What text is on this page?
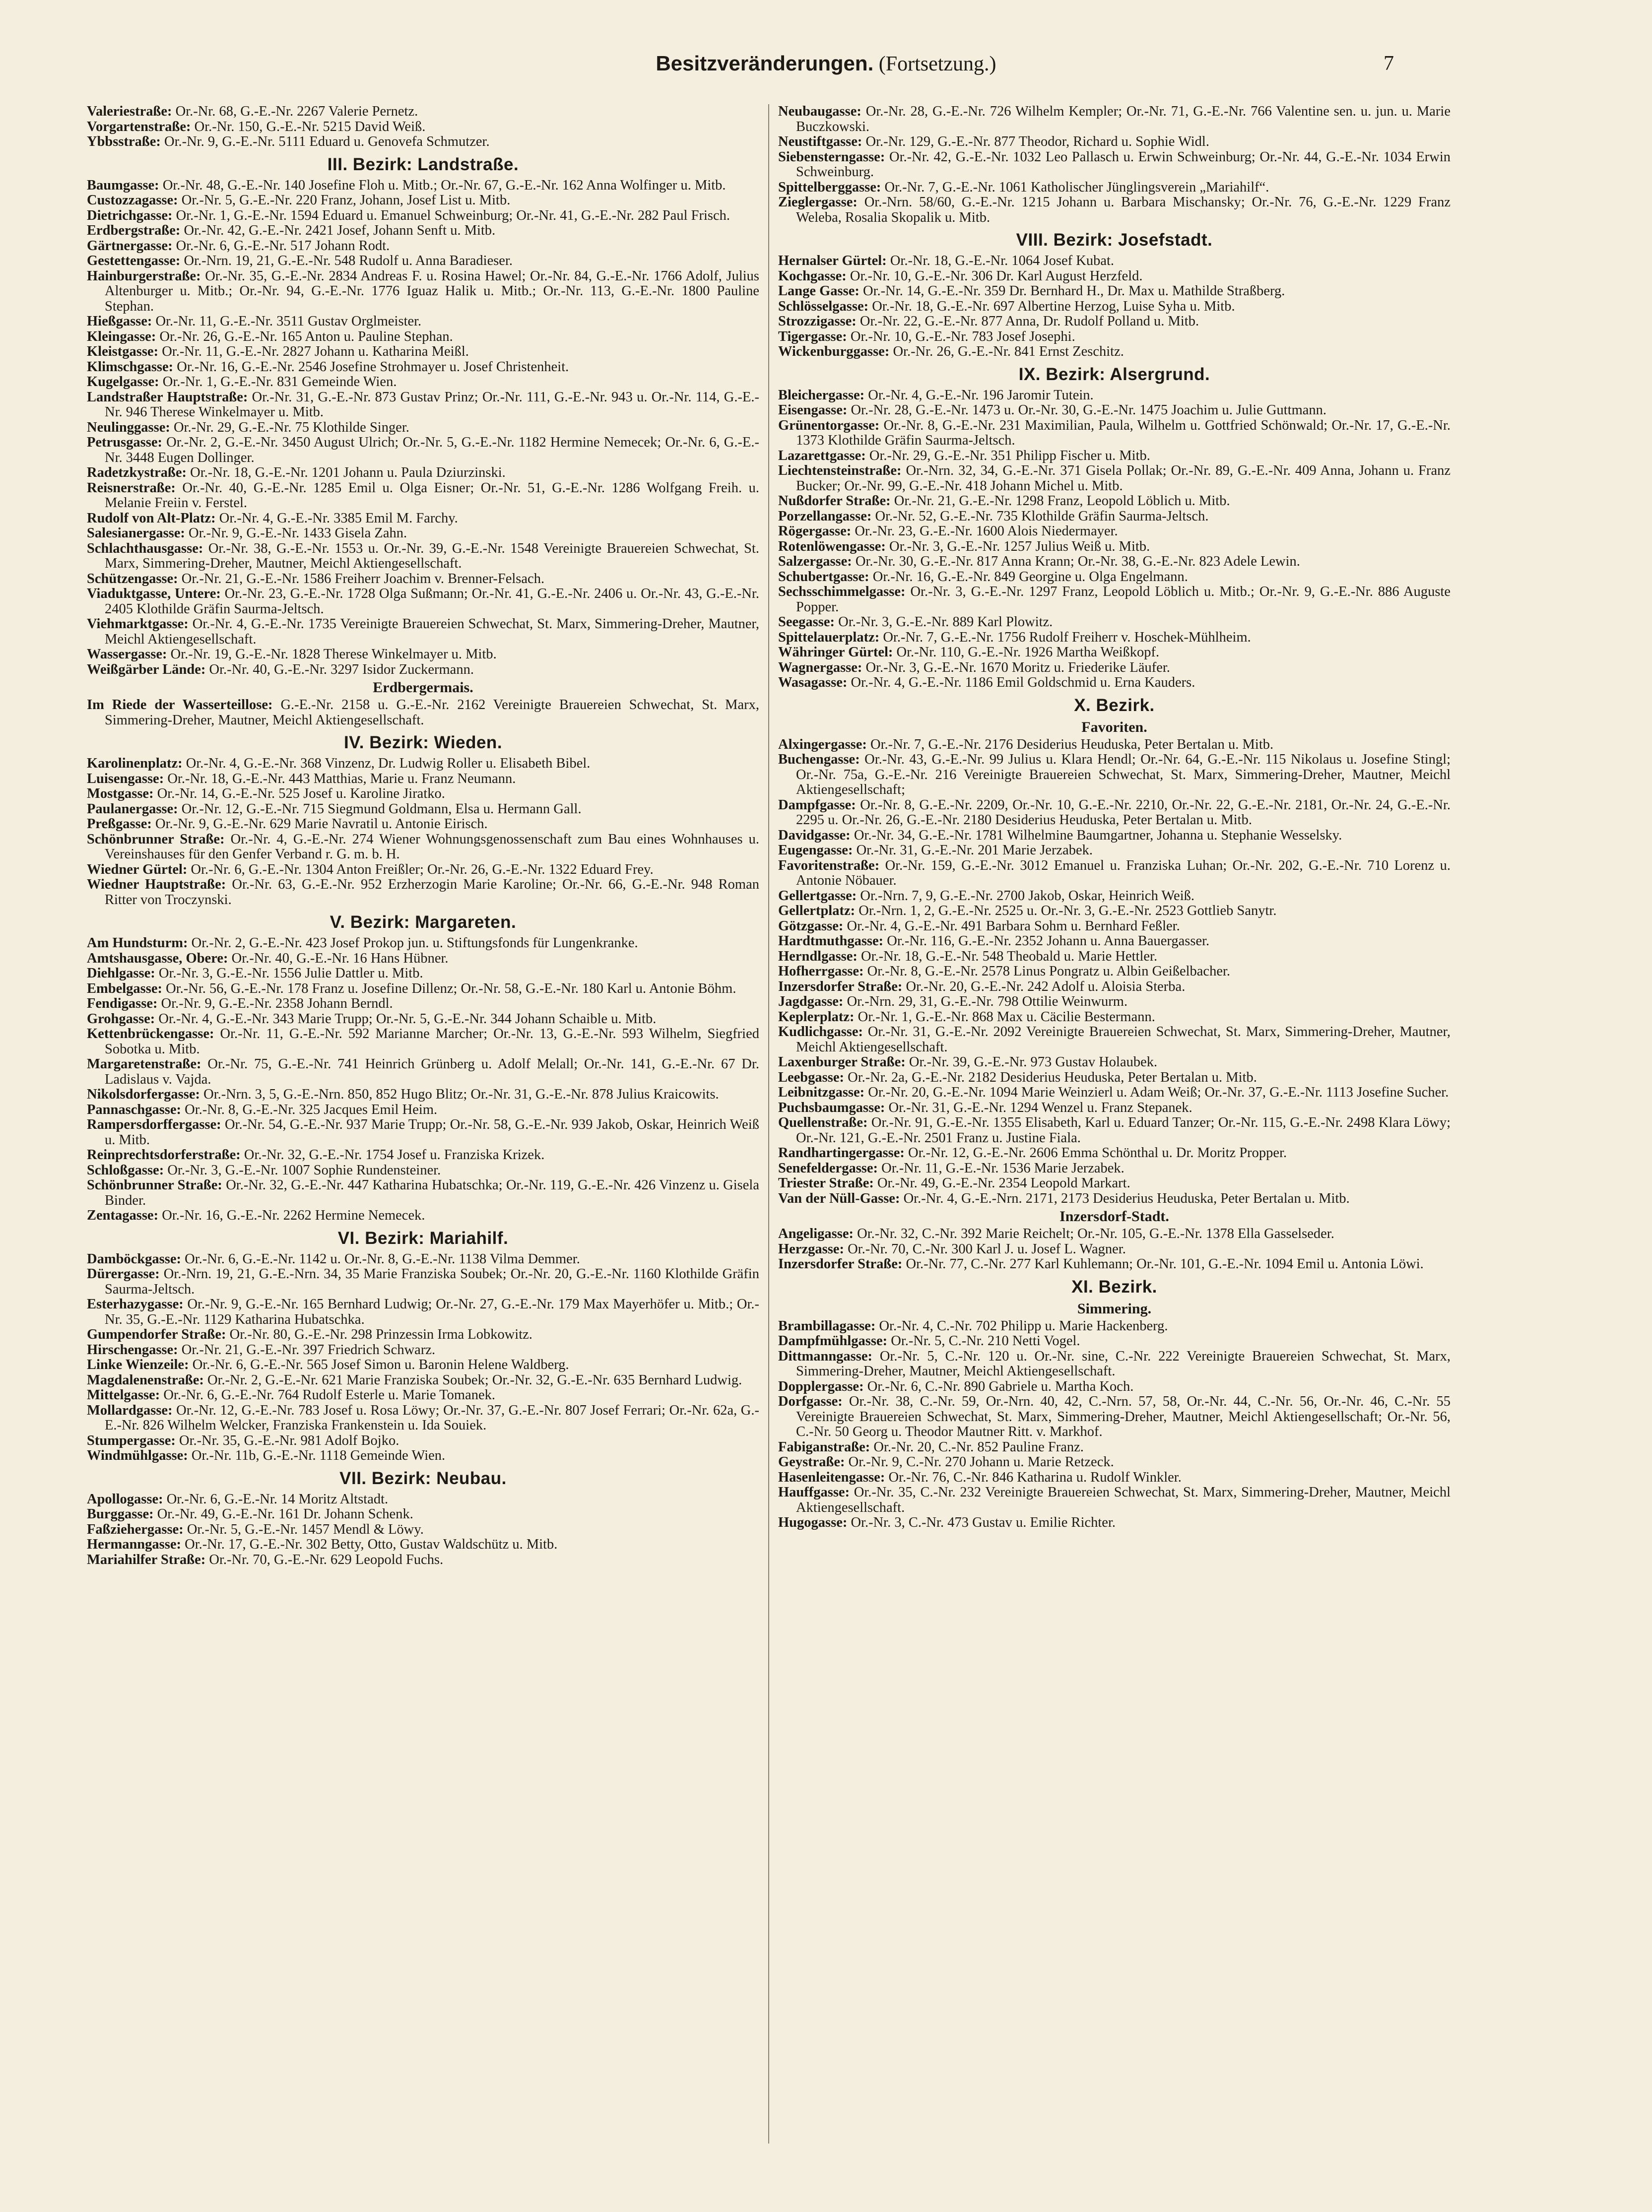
Besitzveränderungen. (Fortsetzung.)	7

Valeriestraße: Or.-Nr. 68, G.-E.-Nr. 2267 Valerie Pernetz.

Vorgartenstraße: Or.-Nr. 150, G.-E.-Nr. 5215 David Weiß.

Ybbsstraße: Or.-Nr. 9, G.-E.-Nr. 5111 Eduard u. Genovefa Schmutzer.

III. Bezirk: Landstraße.

Baumgasse: Or.-Nr. 48, G.-E.-Nr. 140 Josefine Floh u. Mitb.; Or.-Nr. 67, G.-E.-Nr. 162 Anna Wolfinger u. Mitb.

Custozzagasse: Or.-Nr. 5, G.-E.-Nr. 220 Franz, Johann, Josef List u. Mitb.

Dietrichgasse: Or.-Nr. 1, G.-E.-Nr. 1594 Eduard u. Emanuel Schweinburg; Or.-Nr. 41, G.-E.-Nr. 282 Paul Frisch.

Erdbergstraße: Or.-Nr. 42, G.-E.-Nr. 2421 Josef, Johann Senft u. Mitb.

Gärtnergasse: Or.-Nr. 6, G.-E.-Nr. 517 Johann Rodt.

Gestettengasse: Or.-Nrn. 19, 21, G.-E.-Nr. 548 Rudolf u. Anna Baradieser.

Hainburgerstraße: Or.-Nr. 35, G.-E.-Nr. 2834 Andreas F. u. Rosina Hawel; Or.-Nr. 84, G.-E.-Nr. 1766 Adolf, Julius Altenburger u. Mitb.; Or.-Nr. 94, G.-E.-Nr. 1776 Iguaz Halik u. Mitb.; Or.-Nr. 113, G.-E.-Nr. 1800 Pauline Stephan.

Hießgasse: Or.-Nr. 11, G.-E.-Nr. 3511 Gustav Orglmeister.

Kleingasse: Or.-Nr. 26, G.-E.-Nr. 165 Anton u. Pauline Stephan.

Kleistgasse: Or.-Nr. 11, G.-E.-Nr. 2827 Johann u. Katharina Meißl.

Klimschgasse: Or.-Nr. 16, G.-E.-Nr. 2546 Josefine Strohmayer u. Josef Christenheit.

Kugelgasse: Or.-Nr. 1, G.-E.-Nr. 831 Gemeinde Wien.

Landstraßer Hauptstraße: Or.-Nr. 31, G.-E.-Nr. 873 Gustav Prinz; Or.-Nr. 111, G.-E.-Nr. 943 u. Or.-Nr. 114, G.-E.-Nr. 946 Therese Winkelmayer u. Mitb.

Neulinggasse: Or.-Nr. 29, G.-E.-Nr. 75 Klothilde Singer.

Petrusgasse: Or.-Nr. 2, G.-E.-Nr. 3450 August Ulrich; Or.-Nr. 5, G.-E.-Nr. 1182 Hermine Nemecek; Or.-Nr. 6, G.-E.-Nr. 3448 Eugen Dollinger.

Radetzkystraße: Or.-Nr. 18, G.-E.-Nr. 1201 Johann u. Paula Dziurzinski.

Reisnerstraße: Or.-Nr. 40, G.-E.-Nr. 1285 Emil u. Olga Eisner; Or.-Nr. 51, G.-E.-Nr. 1286 Wolfgang Freih. u. Melanie Freiin v. Ferstel.

Rudolf von Alt-Platz: Or.-Nr. 4, G.-E.-Nr. 3385 Emil M. Farchy.

Salesianergasse: Or.-Nr. 9, G.-E.-Nr. 1433 Gisela Zahn.

Schlachthausgasse: Or.-Nr. 38, G.-E.-Nr. 1553 u. Or.-Nr. 39, G.-E.-Nr. 1548 Vereinigte Brauereien Schwechat, St. Marx, Simmering-Dreher, Mautner, Meichl Aktiengesellschaft.

Schützengasse: Or.-Nr. 21, G.-E.-Nr. 1586 Freiherr Joachim v. Brenner-Felsach.

Viaduktgasse, Untere: Or.-Nr. 23, G.-E.-Nr. 1728 Olga Sußmann; Or.-Nr. 41, G.-E.-Nr. 2406 u. Or.-Nr. 43, G.-E.-Nr. 2405 Klothilde Gräfin Saurma-Jeltsch.

Viehmarktgasse: Or.-Nr. 4, G.-E.-Nr. 1735 Vereinigte Brauereien Schwechat, St. Marx, Simmering-Dreher, Mautner, Meichl Aktiengesellschaft.

Wassergasse: Or.-Nr. 19, G.-E.-Nr. 1828 Therese Winkelmayer u. Mitb.

Weißgärber Lände: Or.-Nr. 40, G.-E.-Nr. 3297 Isidor Zuckermann.

Erdbergermais.

Im Riede der Wasserteillose: G.-E.-Nr. 2158 u. G.-E.-Nr. 2162 Vereinigte Brauereien Schwechat, St. Marx, Simmering-Dreher, Mautner, Meichl Aktiengesellschaft.

IV. Bezirk: Wieden.

Karolinenplatz: Or.-Nr. 4, G.-E.-Nr. 368 Vinzenz, Dr. Ludwig Roller u. Elisabeth Bibel.

Luisengasse: Or.-Nr. 18, G.-E.-Nr. 443 Matthias, Marie u. Franz Neumann.

Mostgasse: Or.-Nr. 14, G.-E.-Nr. 525 Josef u. Karoline Jiratko.

Paulanergasse: Or.-Nr. 12, G.-E.-Nr. 715 Siegmund Goldmann, Elsa u. Hermann Gall.

Preßgasse: Or.-Nr. 9, G.-E.-Nr. 629 Marie Navratil u. Antonie Eirisch.

Schönbrunner Straße: Or.-Nr. 4, G.-E.-Nr. 274 Wiener Wohnungsgenossenschaft zum Bau eines Wohnhauses u. Vereinshauses für den Genfer Verband r. G. m. b. H.

Wiedner Gürtel: Or.-Nr. 6, G.-E.-Nr. 1304 Anton Freißler; Or.-Nr. 26, G.-E.-Nr. 1322 Eduard Frey.

Wiedner Hauptstraße: Or.-Nr. 63, G.-E.-Nr. 952 Erzherzogin Marie Karoline; Or.-Nr. 66, G.-E.-Nr. 948 Roman Ritter von Troczynski.

V. Bezirk: Margareten.

Am Hundsturm: Or.-Nr. 2, G.-E.-Nr. 423 Josef Prokop jun. u. Stiftungsfonds für Lungenkranke.

Amtshausgasse, Obere: Or.-Nr. 40, G.-E.-Nr. 16 Hans Hübner.

Diehlgasse: Or.-Nr. 3, G.-E.-Nr. 1556 Julie Dattler u. Mitb.

Embelgasse: Or.-Nr. 56, G.-E.-Nr. 178 Franz u. Josefine Dillenz; Or.-Nr. 58, G.-E.-Nr. 180 Karl u. Antonie Böhm.

Fendigasse: Or.-Nr. 9, G.-E.-Nr. 2358 Johann Berndl.

Grohgasse: Or.-Nr. 4, G.-E.-Nr. 343 Marie Trupp; Or.-Nr. 5, G.-E.-Nr. 344 Johann Schaible u. Mitb.

Kettenbrückengasse: Or.-Nr. 11, G.-E.-Nr. 592 Marianne Marcher; Or.-Nr. 13, G.-E.-Nr. 593 Wilhelm, Siegfried Sobotka u. Mitb.

Margaretenstraße: Or.-Nr. 75, G.-E.-Nr. 741 Heinrich Grünberg u. Adolf Melall; Or.-Nr. 141, G.-E.-Nr. 67 Dr. Ladislaus v. Vajda.

Nikolsdorfergasse: Or.-Nrn. 3, 5, G.-E.-Nrn. 850, 852 Hugo Blitz; Or.-Nr. 31, G.-E.-Nr. 878 Julius Kraicowits.

Pannaschgasse: Or.-Nr. 8, G.-E.-Nr. 325 Jacques Emil Heim.

Rampersdorffergasse: Or.-Nr. 54, G.-E.-Nr. 937 Marie Trupp; Or.-Nr. 58, G.-E.-Nr. 939 Jakob, Oskar, Heinrich Weiß u. Mitb.

Reinprechtsdorferstraße: Or.-Nr. 32, G.-E.-Nr. 1754 Josef u. Franziska Krizek.

Schloßgasse: Or.-Nr. 3, G.-E.-Nr. 1007 Sophie Rundensteiner.

Schönbrunner Straße: Or.-Nr. 32, G.-E.-Nr. 447 Katharina Hubatschka; Or.-Nr. 119, G.-E.-Nr. 426 Vinzenz u. Gisela Binder.

Zentagasse: Or.-Nr. 16, G.-E.-Nr. 2262 Hermine Nemecek.

VI. Bezirk: Mariahilf.

Damböckgasse: Or.-Nr. 6, G.-E.-Nr. 1142 u. Or.-Nr. 8, G.-E.-Nr. 1138 Vilma Demmer.

Dürergasse: Or.-Nrn. 19, 21, G.-E.-Nrn. 34, 35 Marie Franziska Soubek; Or.-Nr. 20, G.-E.-Nr. 1160 Klothilde Gräfin Saurma-Jeltsch.

Esterhazygasse: Or.-Nr. 9, G.-E.-Nr. 165 Bernhard Ludwig; Or.-Nr. 27, G.-E.-Nr. 179 Max Mayerhöfer u. Mitb.; Or.-Nr. 35, G.-E.-Nr. 1129 Katharina Hubatschka.

Gumpendorfer Straße: Or.-Nr. 80, G.-E.-Nr. 298 Prinzessin Irma Lobkowitz.

Hirschengasse: Or.-Nr. 21, G.-E.-Nr. 397 Friedrich Schwarz.

Linke Wienzeile: Or.-Nr. 6, G.-E.-Nr. 565 Josef Simon u. Baronin Helene Waldberg.

Magdalenenstraße: Or.-Nr. 2, G.-E.-Nr. 621 Marie Franziska Soubek; Or.-Nr. 32, G.-E.-Nr. 635 Bernhard Ludwig.

Mittelgasse: Or.-Nr. 6, G.-E.-Nr. 764 Rudolf Esterle u. Marie Tomanek.

Mollardgasse: Or.-Nr. 12, G.-E.-Nr. 783 Josef u. Rosa Löwy; Or.-Nr. 37, G.-E.-Nr. 807 Josef Ferrari; Or.-Nr. 62a, G.-E.-Nr. 826 Wilhelm Welcker, Franziska Frankenstein u. Ida Souiek.

Stumpergasse: Or.-Nr. 35, G.-E.-Nr. 981 Adolf Bojko.

Windmühlgasse: Or.-Nr. 11b, G.-E.-Nr. 1118 Gemeinde Wien.

VII. Bezirk: Neubau.

Apollogasse: Or.-Nr. 6, G.-E.-Nr. 14 Moritz Altstadt.

Burggasse: Or.-Nr. 49, G.-E.-Nr. 161 Dr. Johann Schenk.

Faßziehergasse: Or.-Nr. 5, G.-E.-Nr. 1457 Mendl & Löwy.

Hermanngasse: Or.-Nr. 17, G.-E.-Nr. 302 Betty, Otto, Gustav Waldschütz u. Mitb.

Mariahilfer Straße: Or.-Nr. 70, G.-E.-Nr. 629 Leopold Fuchs.

Neubaugasse: Or.-Nr. 28, G.-E.-Nr. 726 Wilhelm Kempler; Or.-Nr. 71, G.-E.-Nr. 766 Valentine sen. u. jun. u. Marie Buczkowski.

Neustiftgasse: Or.-Nr. 129, G.-E.-Nr. 877 Theodor, Richard u. Sophie Widl.

Siebensterngasse: Or.-Nr. 42, G.-E.-Nr. 1032 Leo Pallasch u. Erwin Schweinburg; Or.-Nr. 44, G.-E.-Nr. 1034 Erwin Schweinburg.

Spittelberggasse: Or.-Nr. 7, G.-E.-Nr. 1061 Katholischer Jünglingsverein „Mariahilf“.

Zieglergasse: Or.-Nrn. 58/60, G.-E.-Nr. 1215 Johann u. Barbara Mischansky; Or.-Nr. 76, G.-E.-Nr. 1229 Franz Weleba, Rosalia Skopalik u. Mitb.

VIII. Bezirk: Josefstadt.

Hernalser Gürtel: Or.-Nr. 18, G.-E.-Nr. 1064 Josef Kubat.

Kochgasse: Or.-Nr. 10, G.-E.-Nr. 306 Dr. Karl August Herzfeld.

Lange Gasse: Or.-Nr. 14, G.-E.-Nr. 359 Dr. Bernhard H., Dr. Max u. Mathilde Straßberg.

Schlösselgasse: Or.-Nr. 18, G.-E.-Nr. 697 Albertine Herzog, Luise Syha u. Mitb.

Strozzigasse: Or.-Nr. 22, G.-E.-Nr. 877 Anna, Dr. Rudolf Polland u. Mitb.

Tigergasse: Or.-Nr. 10, G.-E.-Nr. 783 Josef Josephi.

Wickenburggasse: Or.-Nr. 26, G.-E.-Nr. 841 Ernst Zeschitz.

IX. Bezirk: Alsergrund.

Bleichergasse: Or.-Nr. 4, G.-E.-Nr. 196 Jaromir Tutein.

Eisengasse: Or.-Nr. 28, G.-E.-Nr. 1473 u. Or.-Nr. 30, G.-E.-Nr. 1475 Joachim u. Julie Guttmann.

Grünentorgasse: Or.-Nr. 8, G.-E.-Nr. 231 Maximilian, Paula, Wilhelm u. Gottfried Schönwald; Or.-Nr. 17, G.-E.-Nr. 1373 Klothilde Gräfin Saurma-Jeltsch.

Lazarettgasse: Or.-Nr. 29, G.-E.-Nr. 351 Philipp Fischer u. Mitb.

Liechtensteinstraße: Or.-Nrn. 32, 34, G.-E.-Nr. 371 Gisela Pollak; Or.-Nr. 89, G.-E.-Nr. 409 Anna, Johann u. Franz Bucker; Or.-Nr. 99, G.-E.-Nr. 418 Johann Michel u. Mitb.

Nußdorfer Straße: Or.-Nr. 21, G.-E.-Nr. 1298 Franz, Leopold Löblich u. Mitb.

Porzellangasse: Or.-Nr. 52, G.-E.-Nr. 735 Klothilde Gräfin Saurma-Jeltsch.

Rögergasse: Or.-Nr. 23, G.-E.-Nr. 1600 Alois Niedermayer.

Rotenlöwengasse: Or.-Nr. 3, G.-E.-Nr. 1257 Julius Weiß u. Mitb.

Salzergasse: Or.-Nr. 30, G.-E.-Nr. 817 Anna Krann; Or.-Nr. 38, G.-E.-Nr. 823 Adele Lewin.

Schubertgasse: Or.-Nr. 16, G.-E.-Nr. 849 Georgine u. Olga Engelmann.

Sechsschimmelgasse: Or.-Nr. 3, G.-E.-Nr. 1297 Franz, Leopold Löblich u. Mitb.; Or.-Nr. 9, G.-E.-Nr. 886 Auguste Popper.

Seegasse: Or.-Nr. 3, G.-E.-Nr. 889 Karl Plowitz.

Spittelauerplatz: Or.-Nr. 7, G.-E.-Nr. 1756 Rudolf Freiherr v. Hoschek-Mühlheim.

Währinger Gürtel: Or.-Nr. 110, G.-E.-Nr. 1926 Martha Weißkopf.

Wagnergasse: Or.-Nr. 3, G.-E.-Nr. 1670 Moritz u. Friederike Läufer.

Wasagasse: Or.-Nr. 4, G.-E.-Nr. 1186 Emil Goldschmid u. Erna Kauders.

X. Bezirk.
Favoriten.

Alxingergasse: Or.-Nr. 7, G.-E.-Nr. 2176 Desiderius Heuduska, Peter Bertalan u. Mitb.

Buchengasse: Or.-Nr. 43, G.-E.-Nr. 99 Julius u. Klara Hendl; Or.-Nr. 64, G.-E.-Nr. 115 Nikolaus u. Josefine Stingl; Or.-Nr. 75a, G.-E.-Nr. 216 Vereinigte Brauereien Schwechat, St. Marx, Simmering-Dreher, Mautner, Meichl Aktiengesellschaft;

Dampfgasse: Or.-Nr. 8, G.-E.-Nr. 2209, Or.-Nr. 10, G.-E.-Nr. 2210, Or.-Nr. 22, G.-E.-Nr. 2181, Or.-Nr. 24, G.-E.-Nr. 2295 u. Or.-Nr. 26, G.-E.-Nr. 2180 Desiderius Heuduska, Peter Bertalan u. Mitb.

Davidgasse: Or.-Nr. 34, G.-E.-Nr. 1781 Wilhelmine Baumgartner, Johanna u. Stephanie Wesselsky.

Eugengasse: Or.-Nr. 31, G.-E.-Nr. 201 Marie Jerzabek.

Favoritenstraße: Or.-Nr. 159, G.-E.-Nr. 3012 Emanuel u. Franziska Luhan; Or.-Nr. 202, G.-E.-Nr. 710 Lorenz u. Antonie Nöbauer.

Gellertgasse: Or.-Nrn. 7, 9, G.-E.-Nr. 2700 Jakob, Oskar, Heinrich Weiß.

Gellertplatz: Or.-Nrn. 1, 2, G.-E.-Nr. 2525 u. Or.-Nr. 3, G.-E.-Nr. 2523 Gottlieb Sanytr.

Götzgasse: Or.-Nr. 4, G.-E.-Nr. 491 Barbara Sohm u. Bernhard Feßler.

Hardtmuthgasse: Or.-Nr. 116, G.-E.-Nr. 2352 Johann u. Anna Bauergasser.

Herndlgasse: Or.-Nr. 18, G.-E.-Nr. 548 Theobald u. Marie Hettler.

Hofherrgasse: Or.-Nr. 8, G.-E.-Nr. 2578 Linus Pongratz u. Albin Geißelbacher.

Inzersdorfer Straße: Or.-Nr. 20, G.-E.-Nr. 242 Adolf u. Aloisia Sterba.

Jagdgasse: Or.-Nrn. 29, 31, G.-E.-Nr. 798 Ottilie Weinwurm.

Keplerplatz: Or.-Nr. 1, G.-E.-Nr. 868 Max u. Cäcilie Bestermann.

Kudlichgasse: Or.-Nr. 31, G.-E.-Nr. 2092 Vereinigte Brauereien Schwechat, St. Marx, Simmering-Dreher, Mautner, Meichl Aktiengesellschaft.

Laxenburger Straße: Or.-Nr. 39, G.-E.-Nr. 973 Gustav Holaubek.

Leebgasse: Or.-Nr. 2a, G.-E.-Nr. 2182 Desiderius Heuduska, Peter Bertalan u. Mitb.

Leibnitzgasse: Or.-Nr. 20, G.-E.-Nr. 1094 Marie Weinzierl u. Adam Weiß; Or.-Nr. 37, G.-E.-Nr. 1113 Josefine Sucher.

Puchsbaumgasse: Or.-Nr. 31, G.-E.-Nr. 1294 Wenzel u. Franz Stepanek.

Quellenstraße: Or.-Nr. 91, G.-E.-Nr. 1355 Elisabeth, Karl u. Eduard Tanzer; Or.-Nr. 115, G.-E.-Nr. 2498 Klara Löwy; Or.-Nr. 121, G.-E.-Nr. 2501 Franz u. Justine Fiala.

Randhartingergasse: Or.-Nr. 12, G.-E.-Nr. 2606 Emma Schönthal u. Dr. Moritz Propper.

Senefeldergasse: Or.-Nr. 11, G.-E.-Nr. 1536 Marie Jerzabek.

Triester Straße: Or.-Nr. 49, G.-E.-Nr. 2354 Leopold Markart.

Van der Nüll-Gasse: Or.-Nr. 4, G.-E.-Nrn. 2171, 2173 Desiderius Heuduska, Peter Bertalan u. Mitb.

Inzersdorf-Stadt.

Angeligasse: Or.-Nr. 32, C.-Nr. 392 Marie Reichelt; Or.-Nr. 105, G.-E.-Nr. 1378 Ella Gasselseder.

Herzgasse: Or.-Nr. 70, C.-Nr. 300 Karl J. u. Josef L. Wagner.

Inzersdorfer Straße: Or.-Nr. 77, C.-Nr. 277 Karl Kuhlemann; Or.-Nr. 101, G.-E.-Nr. 1094 Emil u. Antonia Löwi.

XI. Bezirk.
Simmering.

Brambillagasse: Or.-Nr. 4, C.-Nr. 702 Philipp u. Marie Hackenberg.

Dampfmühlgasse: Or.-Nr. 5, C.-Nr. 210 Netti Vogel.

Dittmanngasse: Or.-Nr. 5, C.-Nr. 120 u. Or.-Nr. sine, C.-Nr. 222 Vereinigte Brauereien Schwechat, St. Marx, Simmering-Dreher, Mautner, Meichl Aktiengesellschaft.

Dopplergasse: Or.-Nr. 6, C.-Nr. 890 Gabriele u. Martha Koch.

Dorfgasse: Or.-Nr. 38, C.-Nr. 59, Or.-Nrn. 40, 42, C.-Nrn. 57, 58, Or.-Nr. 44, C.-Nr. 56, Or.-Nr. 46, C.-Nr. 55 Vereinigte Brauereien Schwechat, St. Marx, Simmering-Dreher, Mautner, Meichl Aktiengesellschaft; Or.-Nr. 56, C.-Nr. 50 Georg u. Theodor Mautner Ritt. v. Markhof.

Fabiganstraße: Or.-Nr. 20, C.-Nr. 852 Pauline Franz.

Geystraße: Or.-Nr. 9, C.-Nr. 270 Johann u. Marie Retzeck.

Hasenleitengasse: Or.-Nr. 76, C.-Nr. 846 Katharina u. Rudolf Winkler.

Hauffgasse: Or.-Nr. 35, C.-Nr. 232 Vereinigte Brauereien Schwechat, St. Marx, Simmering-Dreher, Mautner, Meichl Aktiengesellschaft.

Hugogasse: Or.-Nr. 3, C.-Nr. 473 Gustav u. Emilie Richter.
